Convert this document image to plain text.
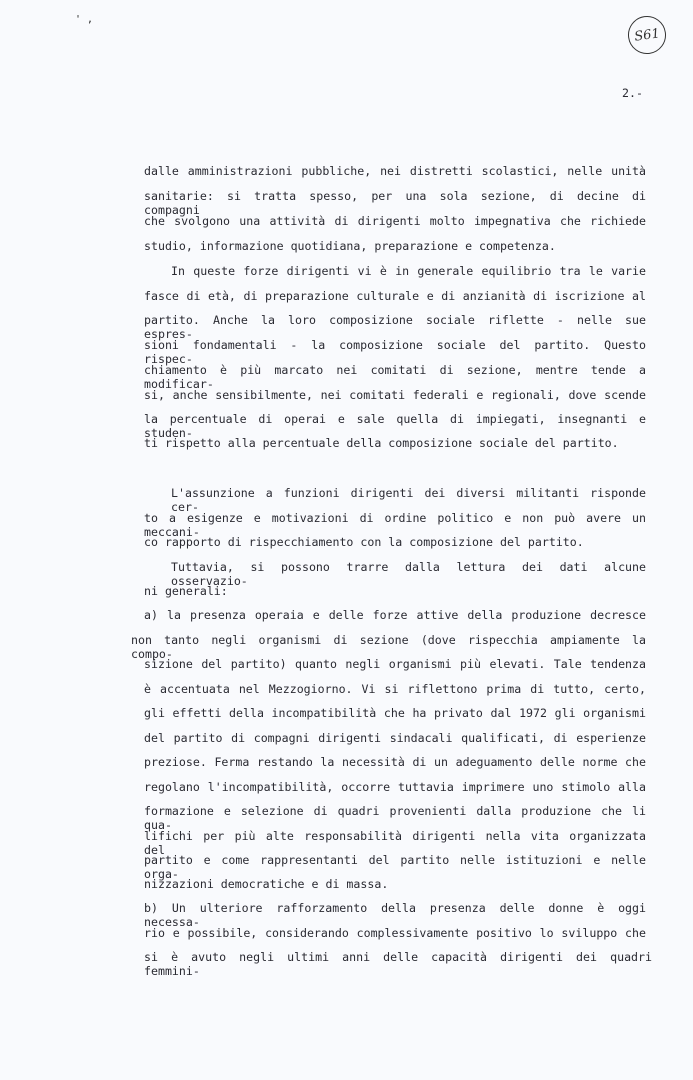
' ,
S61
2.-
dalle amministrazioni pubbliche, nei distretti scolastici, nelle unità
sanitarie: si tratta spesso, per una sola sezione, di decine di compagni
che svolgono una attività di dirigenti molto impegnativa che richiede
studio, informazione quotidiana, preparazione e competenza.
In queste forze dirigenti vi è in generale equilibrio tra le varie
fasce di età, di preparazione culturale e di anzianità di iscrizione al
partito. Anche la loro composizione sociale riflette - nelle sue espres-
sioni fondamentali - la composizione sociale del partito. Questo rispec-
chiamento è più marcato nei comitati di sezione, mentre tende a modificar-
si, anche sensibilmente, nei comitati federali e regionali, dove scende
la percentuale di operai e sale quella di impiegati, insegnanti e studen-
ti rispetto alla percentuale della composizione sociale del partito.
L'assunzione a funzioni dirigenti dei diversi militanti risponde cer-
to a esigenze e motivazioni di ordine politico e non può avere un meccani-
co rapporto di rispecchiamento con la composizione del partito.
Tuttavia, si possono trarre dalla lettura dei dati alcune osservazio-
ni generali:
a) la presenza operaia e delle forze attive della produzione decresce
non tanto negli organismi di sezione (dove rispecchia ampiamente la compo-
sizione del partito) quanto negli organismi più elevati. Tale tendenza
è accentuata nel Mezzogiorno. Vi si riflettono prima di tutto, certo,
gli effetti della incompatibilità che ha privato dal 1972 gli organismi
del partito di compagni dirigenti sindacali qualificati, di esperienze
preziose. Ferma restando la necessità di un adeguamento delle norme che
regolano l'incompatibilità, occorre tuttavia imprimere uno stimolo alla
formazione e selezione di quadri provenienti dalla produzione che li qua-
lifichi per più alte responsabilità dirigenti nella vita organizzata del
partito e come rappresentanti del partito nelle istituzioni e nelle orga-
nizzazioni democratiche e di massa.
b) Un ulteriore rafforzamento della presenza delle donne è oggi necessa-
rio e possibile, considerando complessivamente positivo lo sviluppo che
si è avuto negli ultimi anni delle capacità dirigenti dei quadri femmini-
